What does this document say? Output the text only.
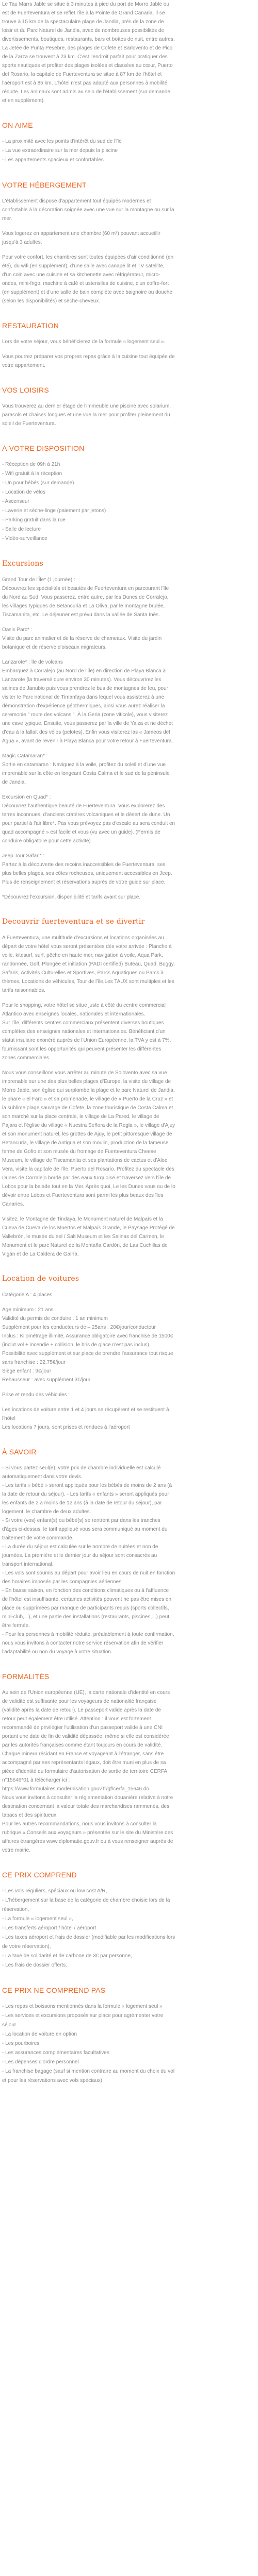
Le Tau Marrs Jable se situe à 3 minutes à pied du port de Morro Jable ou est de Fuerteventura et se reflet l'île à la Pointe de Grand Canaria. Il se trouve à 15 km de la spectaculaire plage de Jandia, près de la zone de loisir et du Parc Naturel de Jandia, avec de nombreuses possibilités de divertissements, boutiques, restaurants, bars et boîtes de nuit, entre autres. La Jetée de Punta Pesebre, des plages de Cofete et Barlovento et de Pico de la Zarza se trouvent à 23 km. C'est l'endroit parfait pour pratiquer des sports nautiques et profiter des plages isolées et classées au cœur, Puerto del Rosario, la capitale de Fuerteventura se situe à 87 km de l'hôtel et l'aéroport est à 85 km. L'hôtel n'est pas adapté aux personnes à mobilité réduite. Les animaux sont admis au sein de l'établissement (sur demande et en supplément).

ON AIME
- La proximité avec les points d'intérêt du sud de l'île
- La vue extraordinaire sur la mer depuis la piscine
- Les appartements spacieux et confortables
VOTRE HÉBERGEMENT

L'établissement dispose d'appartement tout équipés modernes et confortable à la décoration soignée avec une vue sur la montagne ou sur la mer.

Vous logerez en appartement une chambre (60 m²) pouvant accueillir jusqu'à 3 adultes.

Pour votre confort, les chambres sont toutes équipées d'air conditionné (en été), du wifi (en supplément), d'une salle avec canapé lit et TV satellite, d'un coin avec une cuisine et sa kitchenette avec réfrigérateur, micro-ondes, mini-frigo, machine à café et ustensiles de cuisine, d'un coffre-fort (en supplément) et d'une salle de bain complète avec baignoire ou douche (selon les disponibilités) et sèche-cheveux.

RESTAURATION

Lors de votre séjour, vous bénéficierez de la formule « logement seul ».

Vous pourrez préparer vos propres repas grâce à la cuisine tout équipée de votre appartement.

VOS LOISIRS

Vous trouverez au dernier étage de l'immeuble une piscine avec solarium, parasols et chaises longues et une vue la mer pour profiter pleinement du soleil de Fuerteventura.

À VOTRE DISPOSITION
- Réception de 09h à 21h
- Wifi gratuit à la réception
- Un pour bébés (sur demande)
- Location de vélos
- Ascenseur
- Laverie et sèche-linge (paiement par jetons)
- Parking gratuit dans la rue
- Salle de lecture
- Vidéo-surveillance
Excursions

Grand Tour de l'Île* (1 journée) :
Découvrez les spécialités et beautés de Fuerteventura en parcourant l'île du Nord au Sud. Vous passerez, entre autre, par les Dunes de Corralejo, les villages typiques de Betancuria et La Oliva, par le montagne brulée, Tiscamanita, etc. Le déjeuner est prévu dans la vallée de Santa Inès.

Oasis Parc* :
Visite du parc animalier et de la réserve de chameaux. Visite du jardin botanique et de réserve d'oiseaux migrateurs.

Lanzarote* : île de volcans
Embarquez à Corralejo (au Nord de l'île) en direction de Playa Blanca à Lanzarote (la traversé dure environ 30 minutes). Vous découvrirez les salines de Janubio puis vous prendrez le bus de montagnes de feu, pour visiter le Parc national de Timanfaya dans lequel vous assisterez à une démonstration d'expérience géothermiques, ainsi vous aurez réaliser la ceremonie " route des volcans ". À la Geria (zone viticole), vous visiterez une cave typique. Ensuite, vous passerez par la ville de Yaiza et ne déchet d'eau à la fallait des vélos (pelotes). Enfin vous visiterez las « Jameos del Agua », avant de revenir à Playa Blanca pour votre retour à Fuerteventura.

Magic Catamaran* :
Sortie en catamaran : Naviguez à la voile, profitez du soleil et d'une vue imprenable sur la côte en longeant Costa Calma et le sud de la péninsule de Jandia.

Excursion en Quad* :
Découvrez l'authentique beauté de Fuerteventura. Vous explorerez des terres inconnues, d'anciens cratères volcaniques et le désert de dune. Un pour partiel à l'air libre*. Pas vous prévoyez pas d'escale au sera conduit en quad accompagné » est facile et vous (vu avec un guide). (Permis de conduire obligatoire pour cette activité)

Jeep Tour Safari* :
Partez à la découverte des recoins inaccessibles de Fuerteventura, ses plus belles plages, ses côtes rocheuses, uniquement accessibles en Jeep. Plus de renseignement et réservations auprès de votre guide sur place.

*Découvrez l'excursion, disponibilité et tarifs avant sur place.

Decouvrir fuerteventura et se divertir

A Fuerteventura, une multitude d'excursions et locations organisées au départ de votre hôtel vous seront présentées dès votre arrivée : Planche à voile, kitesurf, surf, pêche en haute mer, navigation à voile, Aqua Park, randonnée, Golf, Plongée et initiation (PADI certified) Buteau, Quad, Buggy, Safaris, Activités Culturelles et Sportives, Parcs Aquatiques ou Parcs à thèmes, Locations de véhicules, Tour de l'île,Les TAUX sont multiples et les tarifs raisonnables.

Pour le shopping, votre hôtel se situe juste à côté du centre commercial Atlantico avec enseignes locales, nationales et internationales.
Sur l'île, différents centres commerciaux présentent diverses boutiques complètes des enseignes nationales et internationales. Bénéficiant d'un statut insulaire exonéré auprès de l'Union Européenne, la TVA y est à 7%, fournissant sont les opportunités qui peuvent présenter les différentes zones commerciales.

Nous vous conseillons vous arrêter au minute de Solovento avec sa vue imprenable sur une des plus belles plages d'Europe, la visite du village de Morro Jable, son église qui surplombe la plage et le parc Naturel de Jandia, le phare « el Faro » et sa promenade, le village de « Puerto de la Cruz » et la sublime plage sauvage de Cofete, la zone touristique de Costa Calma et son marché sur la place centrale, le village de La Pared, le village de Pajara et l'église du village « Nuestra Señora de la Regla », le village d'Ajuy et son monument naturel, les grottes de Ajuy, le petit pittoresque village de Betancuria, le village de Antigua et son moulin, production de la fameuse ferme de Gofio et son musée du fromage de Fuerteventura Cheese Museum, le village de Tiscamanita et ses plantations de cactus et d'Aloe Vera, visite la capitale de l'île, Puerto del Rosario. Profitez du spectacle des Dunes de Corralejo bordé par des eaux turquoise et traversez vers l'île de Lobos pour la balade tout en la Mer. Après quoi, Le les Dunes vous ou de lo dévoir entre Lobos et Fuerteventura sont parmi les plus beaux des îles Canaries.

Visitez, le Montagne de Tindaya, le Monument naturel de Malpaís et la Cueva de Cueva de los Muertos et Malpaís Grande, le Paysage Protégé de Vallebrón, le musée du sel / Salt Museum et les Salinas del Carmen, le Monument et le parc Naturel de la Montaña Cardón, de Las Cuchillas de Vigán et de La Caldera de Gairía.

Location de voitures

Catégorie A : 4 places

Age minimum : 21 ans
Validité du permis de conduire : 1 an minimum
Supplément pour les conducteurs de – 25ans : 20€/jour/conducteur
Inclus : Kilométrage illimité, Assurance obligatoire avec franchise de 1500€ (inclut vol + incendie + collision, le bris de glace n'est pas inclus)
Possibilité avec supplément et sur place de prendre l'assurance tout risque sans franchise : 22,75€/jour
Siège enfant : 9€/jour
Rehausseur : avec supplément 3€/jour

Prise et rendu des véhicules :

Les locations de voiture entre 1 et 4 jours se récupèrent et se restituent à l'hôtel
Les locations 7 jours, sont prises et rendues à l'aéroport

À SAVOIR

- Si vous partez seul(e), votre prix de chambre individuelle est calculé automatiquement dans votre devis.
- Les tarifs « bébé » seront appliqués pour les bébés de moins de 2 ans (à la date de retour du séjour). - Les tarifs « enfants » seront appliqués pour les enfants de 2 à moins de 12 ans (à la date de retour du séjour), par logement, le chambre de deux adultes.
- Si votre (vos) enfant(s) ou bébé(s) se rentrent par dans les tranches d'âges ci-dessus, le tarif appliqué vous sera communiqué au moment du traitement de votre commande.
- La durée du séjour est calculée sur le nombre de nuitées et non de journées. La première et le dernier jour du séjour sont consacrés au transport international.
- Les vols sont soumis au départ pour avoir lieu en cours de nuit en fonction des horaires imposés par les compagnies aériennes.
- En basse saison, en fonction des conditions climatiques ou à l'affluence de l'hôtel est insuffisante, certaines activités peuvent ne pas être mises en place ou supprimées par manque de participants requis (sports collectifs, mini-club,...), et une partie des installations (restaurants, piscines,...) peut être fermée.
- Pour les personnes à mobilité réduite, préalablement à toute confirmation, nous vous invitons à contacter notre service réservation afin de vérifier l'adaptabilité ou non du voyage à votre situation.

FORMALITÉS

Au sein de l'Union européenne (UE), la carte nationale d'identité en cours de validité est suffisante pour les voyageurs de nationalité française (validité après la date de retour). Le passeport valide après la date de retour peut également être utilisé. Attention : il vous est fortement recommandé de privilégier l'utilisation d'un passeport valide à une CNI portant une date de fin de validité dépassée, même si elle est considérée par les autorités françaises comme étant toujours en cours de validité. Chaque mineur résidant en France et voyageant à l'étranger, sans être accompagné par ses représentants légaux, doit être muni en plus de sa pièce d'identité du formulaire d'autorisation de sortie de territoire CERFA n°15646*01 à télécharger ici :
https://www.formulaires.modernisation.gouv.fr/gf/cerfa_15646.do.
Nous vous invitons à consulter la réglementation douanière relative à notre destination concernant la valeur totale des marchandises rammenés, des tabacs et des spiritueux.
Pour les autres recommandations, nous vous invitons à consulter la rubrique « Conseils aux voyageurs » présentée sur le site du Ministère des affaires étrangères www.diplomatie.gouv.fr ou à vous renseigner auprès de votre mairie.

CE PRIX COMPREND
- Les vols réguliers, spéciaux ou low cost A/R,
- L'hébergement sur la base de la catégorie de chambre choisie lors de la réservation,
- La formule « logement seul »,
- Les transferts aéroport / hôtel / aéroport
- Les taxes aéroport et frais de dossier (modifiable par les modifications lors de votre réservation),
- La taxe de solidarité et de carbone de 3€ par personne,
- Les frais de dossier offerts.
CE PRIX NE COMPREND PAS
- Les repas et boissons mentionnés dans la formule « logement seul »
- Les services et excursions proposés sur place pour agrémenter votre séjour
- La location de voiture en option
- Les pourboires
- Les assurances complémentaires facultatives
- Les dépenses d'ordre personnel
- La franchise bagage (sauf si mention contraire au moment du choix du vol et pour les réservations avec vols spéciaux)
